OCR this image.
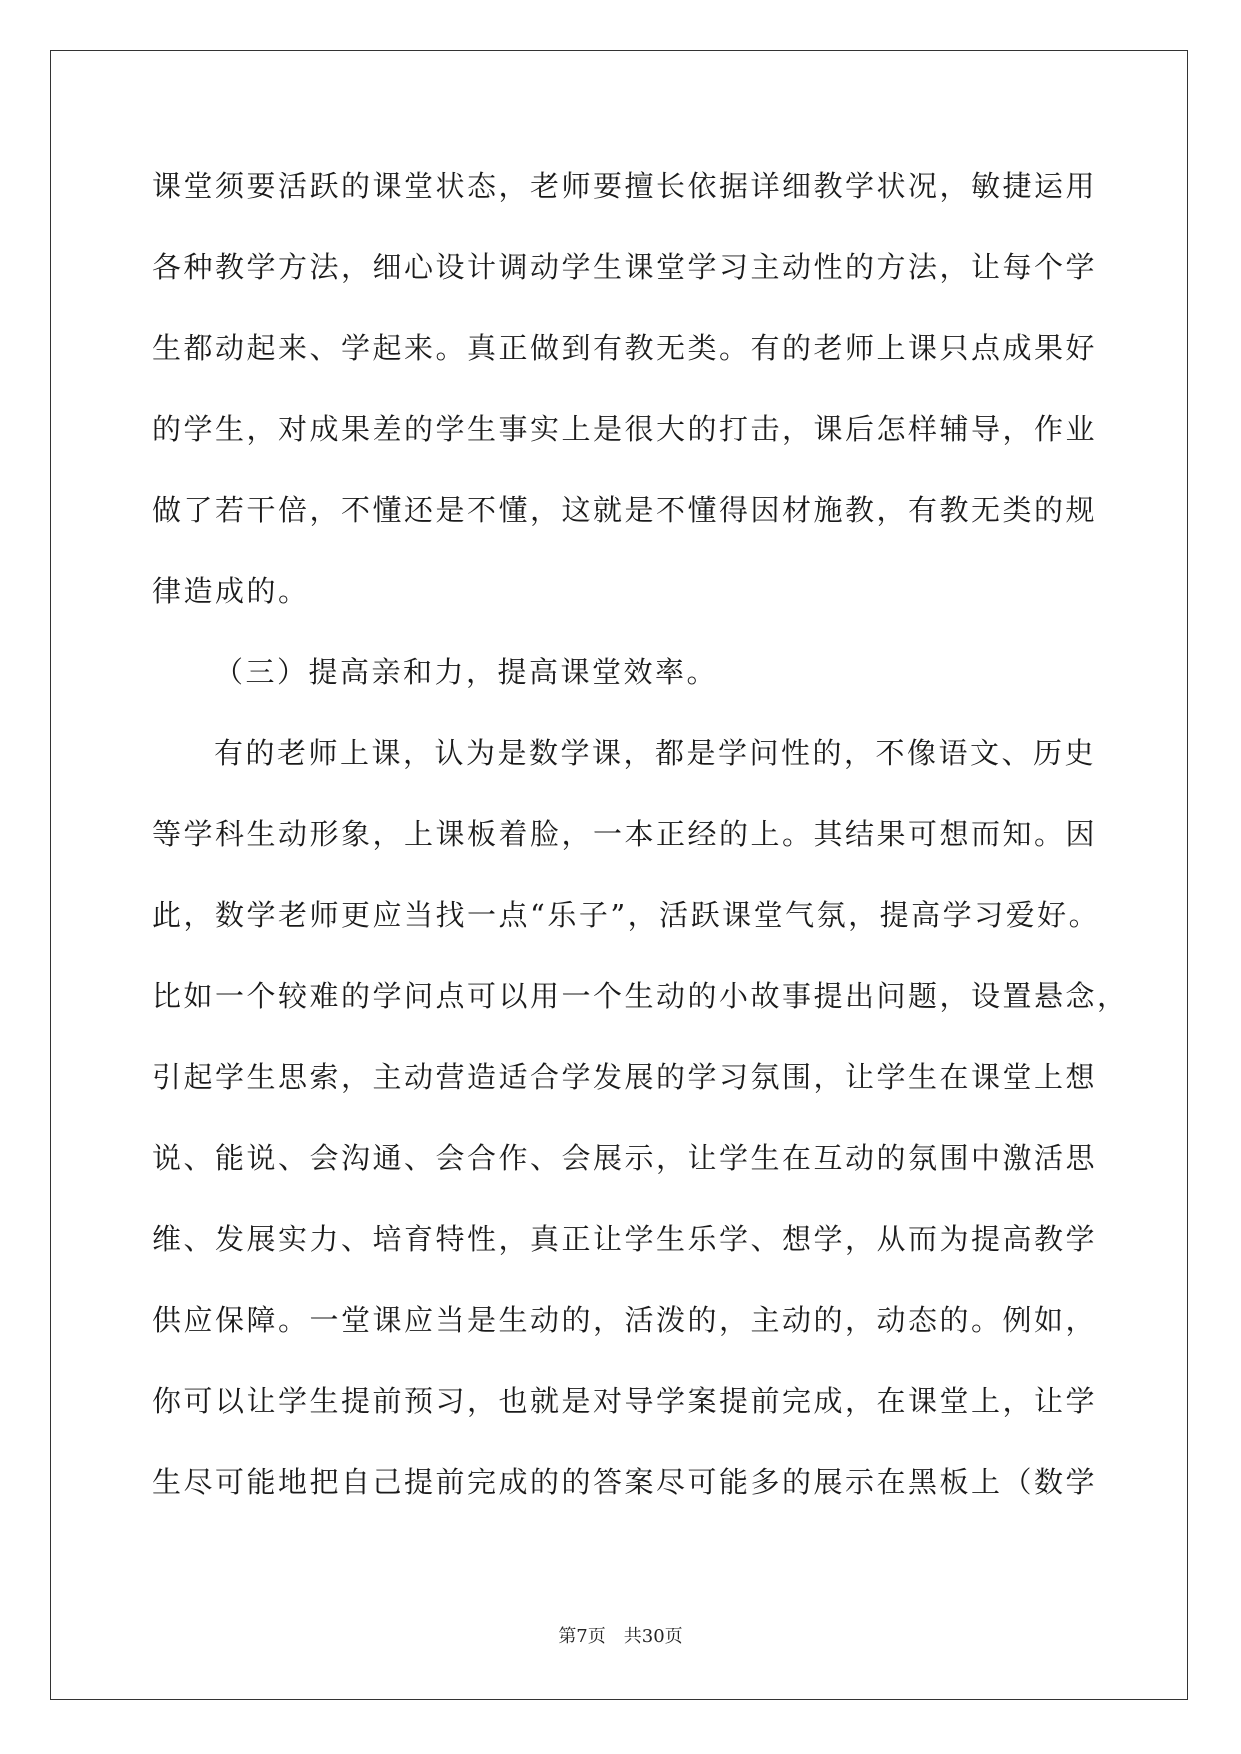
课堂须要活跃的课堂状态，老师要擅长依据详细教学状况，敏捷运用
各种教学方法，细心设计调动学生课堂学习主动性的方法，让每个学
生都动起来、学起来。真正做到有教无类。有的老师上课只点成果好
的学生，对成果差的学生事实上是很大的打击，课后怎样辅导，作业
做了若干倍，不懂还是不懂，这就是不懂得因材施教，有教无类的规
律造成的。
（三）提高亲和力，提高课堂效率。
有的老师上课，认为是数学课，都是学问性的，不像语文、历史
等学科生动形象，上课板着脸，一本正经的上。其结果可想而知。因
此，数学老师更应当找一点“乐子”，活跃课堂气氛，提高学习爱好。
比如一个较难的学问点可以用一个生动的小故事提出问题，设置悬念，
引起学生思索，主动营造适合学发展的学习氛围，让学生在课堂上想
说、能说、会沟通、会合作、会展示，让学生在互动的氛围中激活思
维、发展实力、培育特性，真正让学生乐学、想学，从而为提高教学
供应保障。一堂课应当是生动的，活泼的，主动的，动态的。例如，
你可以让学生提前预习，也就是对导学案提前完成，在课堂上，让学
生尽可能地把自己提前完成的的答案尽可能多的展示在黑板上（数学
第7页　共30页
